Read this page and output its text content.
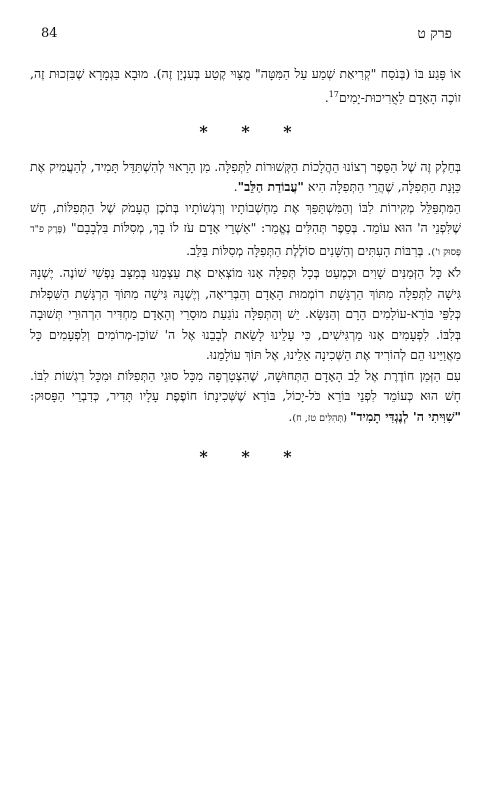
84	פרק ט

אוֹ פָּגַע בּוֹ (בְּנֹסַח "קְרִיאַת שְׁמַע עַל הַמִּטָּה" מֻצָּוּי קֶטַע בְּעִנְיָן זֶה). מוּבָא בַּגְּמָרָא שֶׁבִּזְכוּת זֶה, זוֹכֶה הָאָדָם לַאֲרִיכוּת-יָמִים$^{17}$.

* * *

בְּחֵלֶק זֶה שֶׁל הַסֵּפֶר רְצוֹנוּ הַהֲלָכוֹת הַקְּשׁוּרוֹת לַתְּפִלָּה. מִן הָרָאוּי לְהִשְׁתַּדֵּל תָּמִיד, לְהַעֲמִיק אֶת כַּוָּנַת הַתְּפִלָּה, שֶׁהֲרֵי הַתְּפִלָּה הִיא "עֲבוֹדַת הַלֵּב".

הַמִּתְפַּלֵּל מְקִירוֹת לִבּוֹ וְהַמִּשְׁתַּפֵּךְ אֶת מַחְשְׁבוֹתָיו וְרִגְשׁוֹתָיו בְּתֹכֶן הֶעָמֹק שֶׁל הַתְּפִלּוֹת, חָשׁ שֶׁלִּפְנֵי ה' הוּא עוֹמֵד. בְּסֵפֶר תְּהִלִּים נֶאֱמַר: "אַשְׁרֵי אָדָם עֹז לוֹ בָךְ, מְסִלּוֹת בִּלְבָבָם" (פֶּרֶק פ"ד פָּסוּק ו'). בְּרִבּוֹת הָעִתִּים וְהַשָּׁנִים סוֹלֶלֶת הַתְּפִלָּה מְסִלּוֹת בַּלֵּב.

לֹא כָּל הַזְּמַנִּים שָׁוִים וּכְמְעַט בְּכָל תְּפִלָּה אָנוּ מוֹצְאִים אֶת עַצְמֵנוּ בְּמַצָּב נַפְשִׁי שׁוֹנֶה. יֶשְׁנָהּ גִּישָׁה לַתְּפִלָּה מִתּוֹךְ הַרְגָּשַׁת רוֹמְמוּת הָאָדָם וְהַבְּרִיאָה, וְיֶשְׁנָהּ גִּישָׁה מִתּוֹךְ הַרְגָּשַׁת הַשִּׁפְלוּת כְּלַפֵּי בּוֹרֵא-עוֹלָמִים הָרָם וְהַנִּשָּׂא. יֵשׁ וְהַתְּפִלָּה נוֹגַעַת מוּסָרֵי וְהָאָדָם מַחְדִּיר הִרְהוּרֵי תְּשׁוּבָה בְּלִבּוֹ. לִפְעָמִים אָנוּ מַרְגִּישִׁים, כִּי עָלֵינוּ לָשֵׂאת לְבָבֵנוּ אֶל ה' שׁוֹכֵן-מְרוֹמִים וְלִפְעָמִים כָּל מַאֲוַיֵּינוּ הֵם לְהוֹרִיד אֶת הַשְּׁכִינָה אֵלֵינוּ, אֶל תּוֹךְ עוֹלָמֵנוּ.

עִם הַזְּמַן חוֹדֶרֶת אֶל לֵב הָאָדָם הַתְּחוּשָׁה, שֶׁהִצְטָרְפָה מִכָּל סוּגֵי הַתְּפִלּוֹת וּמִכָּל רִגְשׁוֹת לִבּוֹ. חָשׁ הוּא כְּעוֹמֵד לִפְנֵי בּוֹרֵא כֹּל-יָכוֹל, בּוֹרֵא שֶׁשְּׁכִינָתוֹ חוֹפֶפֶת עָלָיו תָּדִיר, כְּדִבְרֵי הַפָּסוּק: "שִׁוִּיתִי ה' לְנֶגְדִּי תָמִיד" (תְּהִלִּים טז, ח).

* * *
